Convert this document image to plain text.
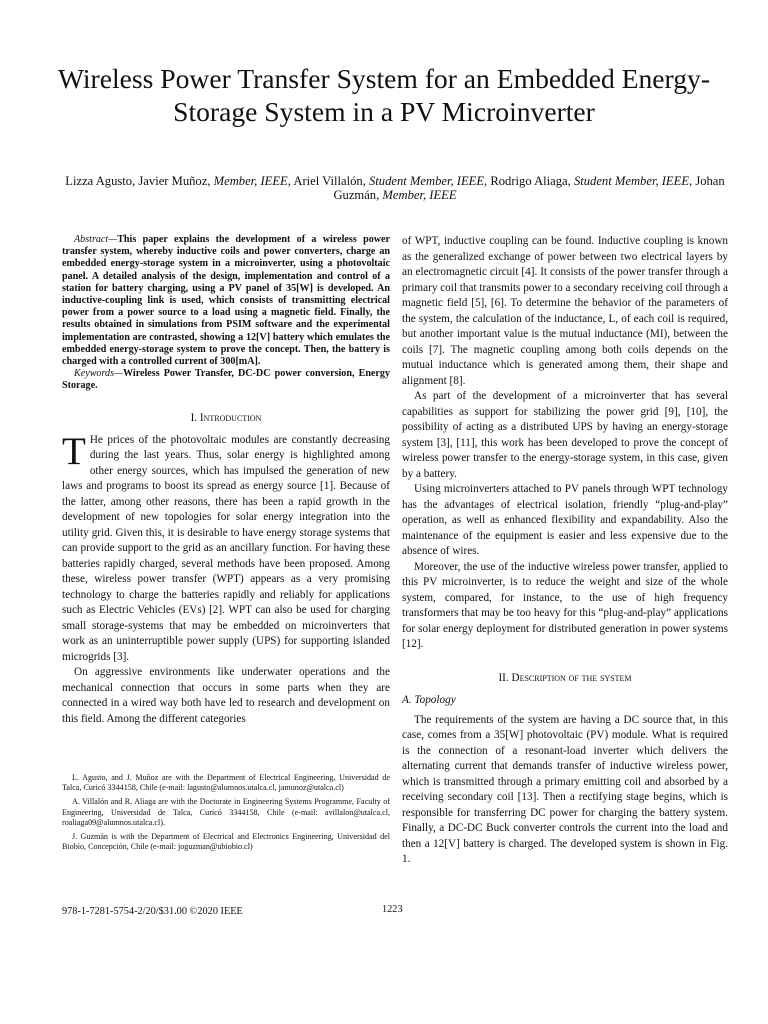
Wireless Power Transfer System for an Embedded Energy-Storage System in a PV Microinverter
Lizza Agusto, Javier Muñoz, Member, IEEE, Ariel Villalón, Student Member, IEEE, Rodrigo Aliaga, Student Member, IEEE, Johan Guzmán, Member, IEEE

Abstract—This paper explains the development of a wireless power transfer system, whereby inductive coils and power converters, charge an embedded energy-storage system in a microinverter, using a photovoltaic panel. A detailed analysis of the design, implementation and control of a station for battery charging, using a PV panel of 35[W] is developed. An inductive-coupling link is used, which consists of transmitting electrical power from a power source to a load using a magnetic field. Finally, the results obtained in simulations from PSIM software and the experimental implementation are contrasted, showing a 12[V] battery which emulates the embedded energy-storage system to prove the concept. Then, the battery is charged with a controlled current of 300[mA].

Keywords—Wireless Power Transfer, DC-DC power conversion, Energy Storage.

I. Introduction

T He prices of the photovoltaic modules are constantly decreasing during the last years. Thus, solar energy is highlighted among other energy sources, which has impulsed the generation of new laws and programs to boost its spread as energy source [1]. Because of the latter, among other reasons, there has been a rapid growth in the development of new topologies for solar energy integration into the utility grid. Given this, it is desirable to have energy storage systems that can provide support to the grid as an ancillary function. For having these batteries rapidly charged, several methods have been proposed. Among these, wireless power transfer (WPT) appears as a very promising technology to charge the batteries rapidly and reliably for applications such as Electric Vehicles (EVs) [2]. WPT can also be used for charging small storage-systems that may be embedded on microinverters that work as an uninterruptible power supply (UPS) for supporting islanded microgrids [3].

On aggressive environments like underwater operations and the mechanical connection that occurs in some parts when they are connected in a wired way both have led to research and development on this field. Among the different categories

L. Agusto, and J. Muñoz are with the Department of Electrical Engineering, Universidad de Talca, Curicó 3344158, Chile (e-mail: lagusto@alumnos.utalca.cl, jamunoz@utalca.cl)

A. Villalón and R. Aliaga are with the Doctorate in Engineering Systems Programme, Faculty of Engineering, Universidad de Talca, Curicó 3344158, Chile (e-mail: avillalon@utalca.cl, roaliaga09@alumnos.utalca.cl).

J. Guzmán is with the Department of Electrical and Electronics Engineering, Universidad del Biobío, Concepción, Chile (e-mail: joguzman@ubiobio.cl)

of WPT, inductive coupling can be found. Inductive coupling is known as the generalized exchange of power between two electrical layers by an electromagnetic circuit [4]. It consists of the power transfer through a primary coil that transmits power to a secondary receiving coil through a magnetic field [5], [6]. To determine the behavior of the parameters of the system, the calculation of the inductance, L, of each coil is required, but another important value is the mutual inductance (MI), between the coils [7]. The magnetic coupling among both coils depends on the mutual inductance which is generated among them, their shape and alignment [8].

As part of the development of a microinverter that has several capabilities as support for stabilizing the power grid [9], [10], the possibility of acting as a distributed UPS by having an energy-storage system [3], [11], this work has been developed to prove the concept of wireless power transfer to the energy-storage system, in this case, given by a battery.

Using microinverters attached to PV panels through WPT technology has the advantages of electrical isolation, friendly “plug-and-play” operation, as well as enhanced flexibility and expandability. Also the maintenance of the equipment is easier and less expensive due to the absence of wires.

Moreover, the use of the inductive wireless power transfer, applied to this PV microinverter, is to reduce the weight and size of the whole system, compared, for instance, to the use of high frequency transformers that may be too heavy for this “plug-and-play” applications for solar energy deployment for distributed generation in power systems [12].

II. Description of the system
A. Topology

The requirements of the system are having a DC source that, in this case, comes from a 35[W] photovoltaic (PV) module. What is required is the connection of a resonant-load inverter which delivers the alternating current that demands transfer of inductive wireless power, which is transmitted through a primary emitting coil and absorbed by a receiving secondary coil [13]. Then a rectifying stage begins, which is responsible for transferring DC power for charging the battery system. Finally, a DC-DC Buck converter controls the current into the load and then a 12[V] battery is charged. The developed system is shown in Fig. 1.

978-1-7281-5754-2/20/$31.00 ©2020 IEEE	1223
